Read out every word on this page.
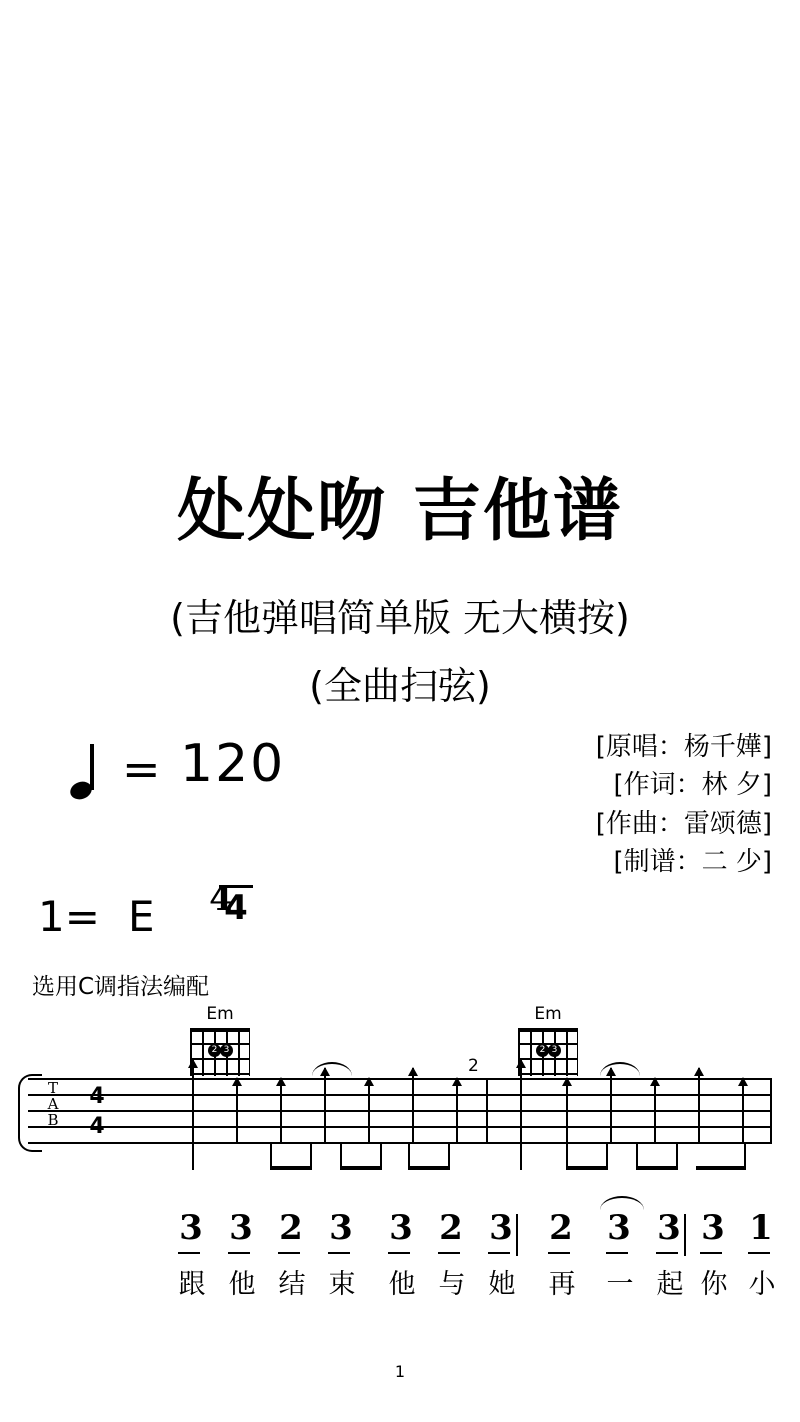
处处吻 吉他谱
(吉他弹唱简单版 无大横按)
(全曲扫弦)
= 120	[原唱：杨千嬅]
[作词：林 夕]
[作曲：雷颂德]
[制谱：二 少]
1= E 4
4
选用C调指法编配
Em
2 3
Em
2 3
T
A
B
4
4
2
3 3 2 3 3 2 3 2 3 3 3 1
跟 他 结 束 他 与 她 再 一 起 你 小
1
